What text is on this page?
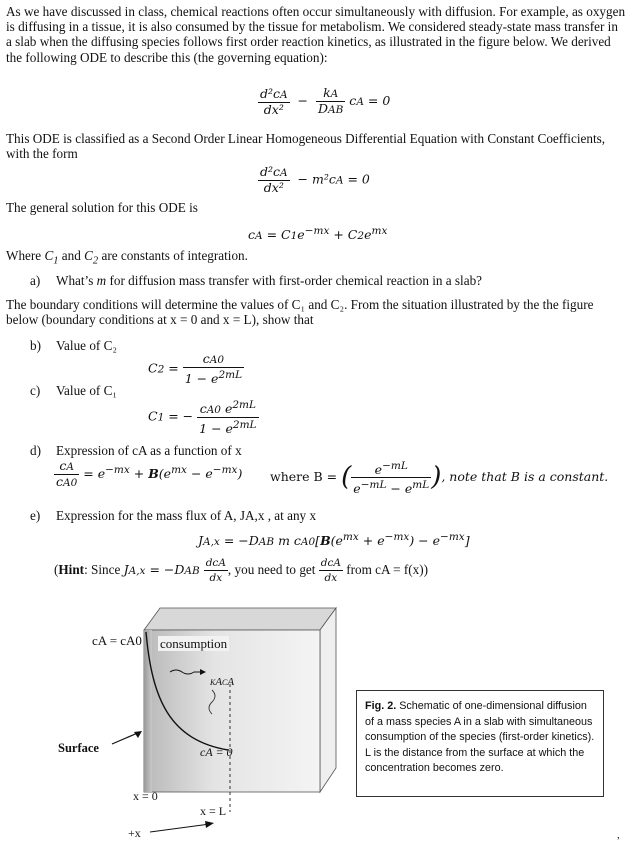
As we have discussed in class, chemical reactions often occur simultaneously with diffusion. For example, as oxygen is diffusing in a tissue, it is also consumed by the tissue for metabolism. We considered steady-state mass transfer in a slab when the diffusing species follows first order reaction kinetics, as illustrated in the figure below. We derived the following ODE to describe this (the governing equation):
$\frac{\text{d²cA}}{\text{dx²}} - \frac{kA}{\text{DAB}}$ cA = 0
This ODE is classified as a Second Order Linear Homogeneous Differential Equation with Constant Coefficients, with the form
$\frac{\text{d²cA}}{\text{dx²}} - m^2cA = 0$
The general solution for this ODE is
cA = $C1e^{-mx} + C2e^{mx}$
Where $C_1$ and $C_2$ are constants of integration.
a) What’s m for diffusion mass transfer with first-order chemical reaction in a slab?
The boundary conditions will determine the values of C₁ and C₂. From the situation illustrated by the the figure below (boundary conditions at x = 0 and x = L), show that
b) Value of C₂
$C2 = \frac{cA0}{1 - e^{2mL}}$
c) Value of C₁
C1 = − $\frac{cA0 e^{2mL}}{1 - e^{2mL}}$
d) Expression of cA as a function of x
$\frac{cA}{cA0} = e^{-mx} + B(e^{mx} - e^{-mx})$ where B = ( $\frac{e^{-mL}}{e^{-mL} - e^{mL}}$ ), note that B is a constant.
e) Expression for the mass flux of A, JA,x , at any x
JA,x = −DAB m $cA0[B(e^{mx} + e^{-mx}) - e^{-mx}]$
(Hint: Since $JA,x = -DAB \frac{\text{dcA}}{dx}$ , you need to get $\frac{\text{dcA}}{dx}$ from cA = f(x))
cA = cA0 consumption
kAcA
Surface	cA = 0
x = 0
x = L
+x
Fig. 2. Schematic of one-dimensional diffusion of a mass species A in a slab with simultaneous consumption of the species (first-order kinetics). L is the distance from the surface at which the concentration becomes zero.
,
